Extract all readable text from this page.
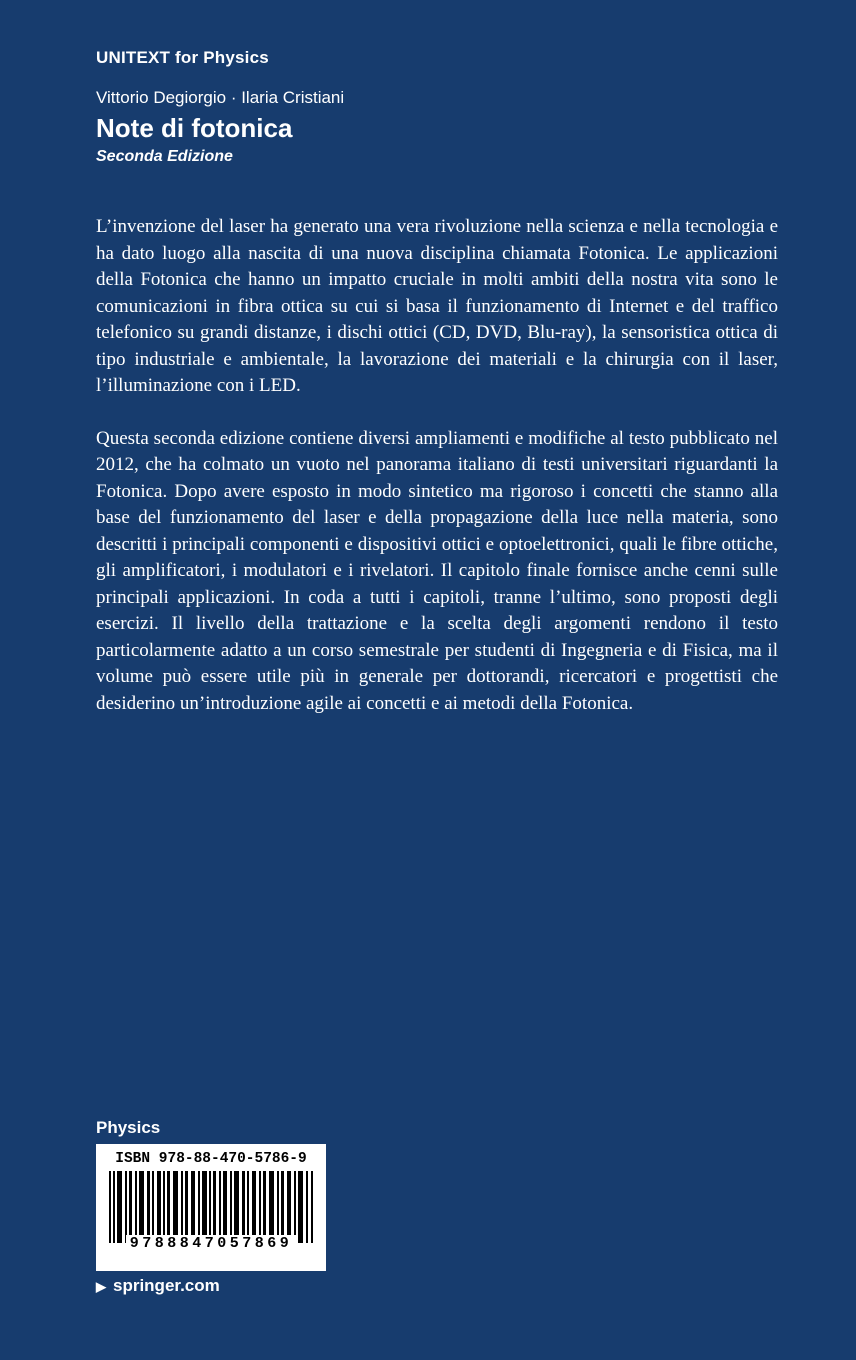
UNITEXT for Physics
Vittorio Degiorgio · Ilaria Cristiani
Note di fotonica
Seconda Edizione

L’invenzione del laser ha generato una vera rivoluzione nella scienza e nella tecnologia e ha dato luogo alla nascita di una nuova disciplina chiamata Fotonica. Le applicazioni della Fotonica che hanno un impatto cruciale in molti ambiti della nostra vita sono le comunicazioni in fibra ottica su cui si basa il funzionamento di Internet e del traffico telefonico su grandi distanze, i dischi ottici (CD, DVD, Blu-ray), la sensoristica ottica di tipo industriale e ambientale, la lavorazione dei materiali e la chirurgia con il laser, l’illuminazione con i LED.

Questa seconda edizione contiene diversi ampliamenti e modifiche al testo pubblicato nel 2012, che ha colmato un vuoto nel panorama italiano di testi universitari riguardanti la Fotonica. Dopo avere esposto in modo sintetico ma rigoroso i concetti che stanno alla base del funzionamento del laser e della propagazione della luce nella materia, sono descritti i principali componenti e dispositivi ottici e optoelettronici, quali le fibre ottiche, gli amplificatori, i modulatori e i rivelatori. Il capitolo finale fornisce anche cenni sulle principali applicazioni. In coda a tutti i capitoli, tranne l’ultimo, sono proposti degli esercizi. Il livello della trattazione e la scelta degli argomenti rendono il testo particolarmente adatto a un corso semestrale per studenti di Ingegneria e di Fisica, ma il volume può essere utile più in generale per dottorandi, ricercatori e progettisti che desiderino un’introduzione agile ai concetti e ai metodi della Fotonica.

Physics
ISBN 978-88-470-5786-9
9788847057869
▶ springer.com
